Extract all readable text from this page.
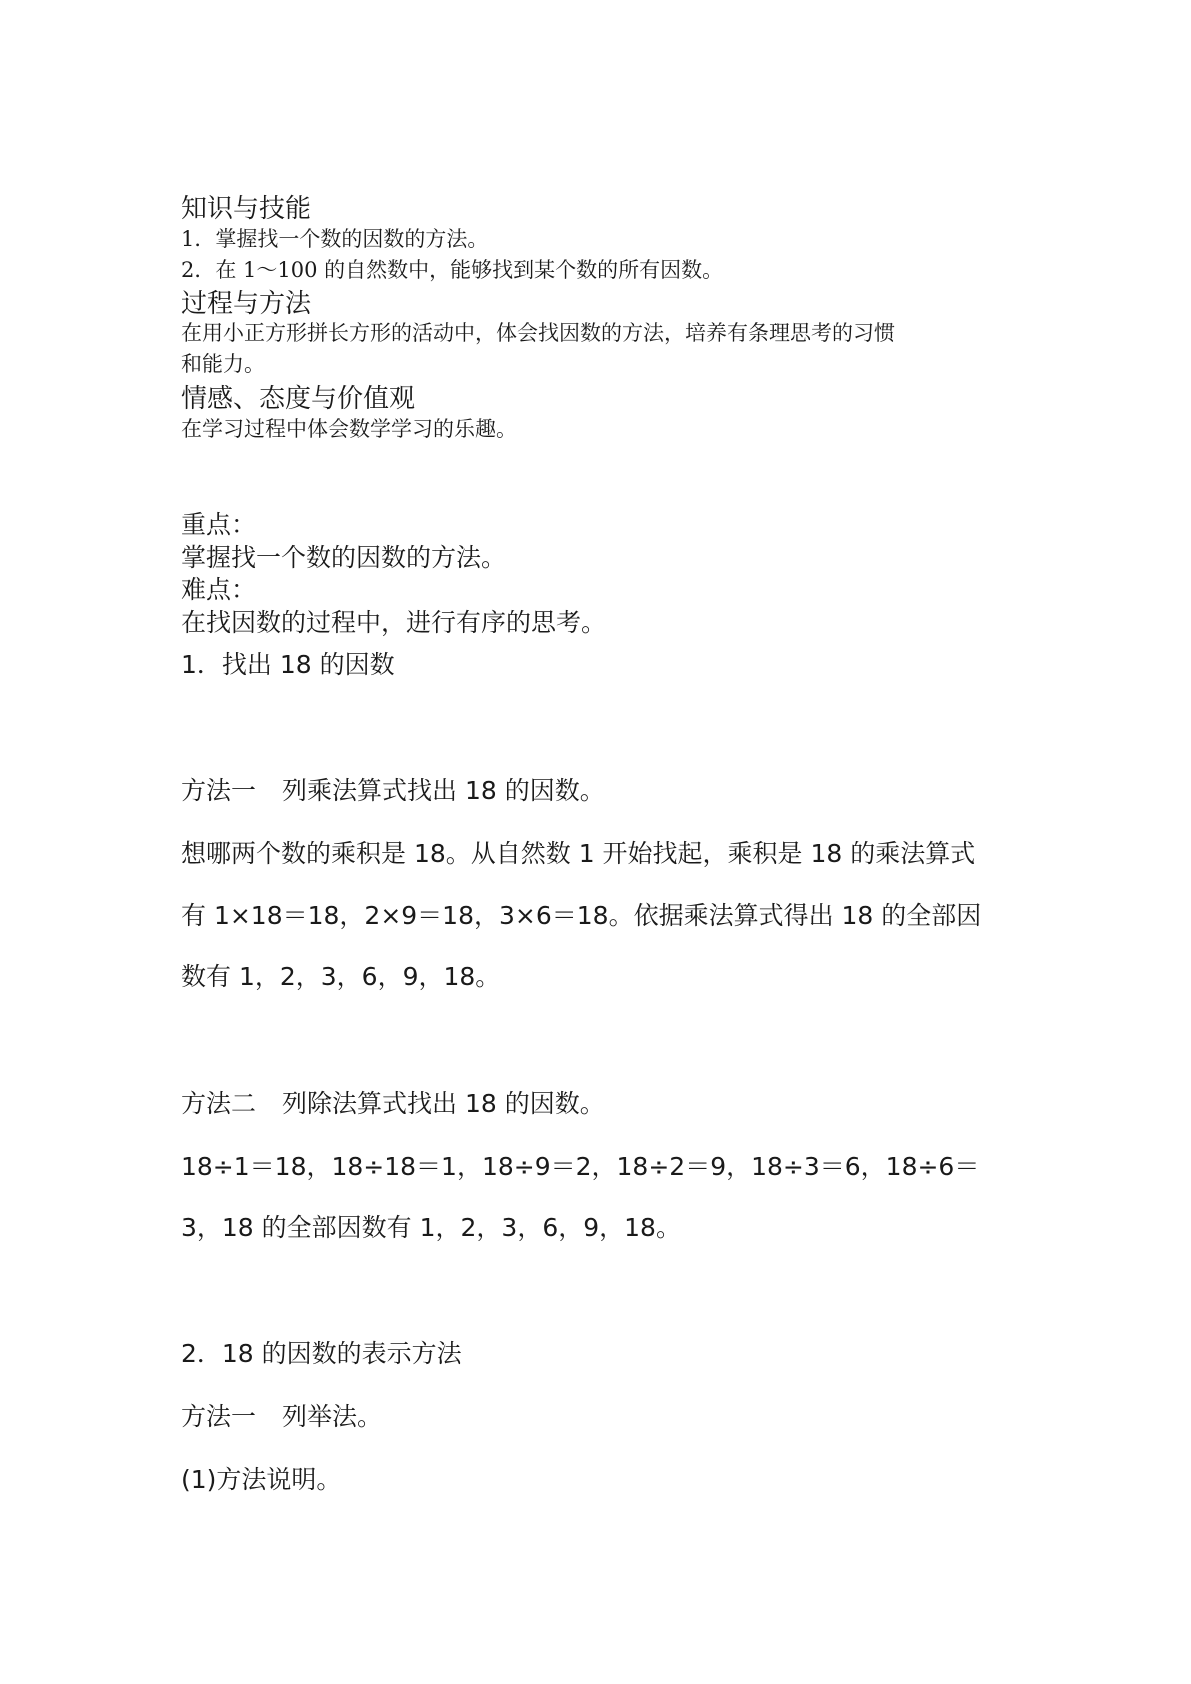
知识与技能
1．掌握找一个数的因数的方法。
2．在 1～100 的自然数中，能够找到某个数的所有因数。
过程与方法
在用小正方形拼长方形的活动中，体会找因数的方法，培养有条理思考的习惯
和能力。
情感、态度与价值观
在学习过程中体会数学学习的乐趣。
重点：
掌握找一个数的因数的方法。
难点：
在找因数的过程中，进行有序的思考。
1．找出 18 的因数
方法一 列乘法算式找出 18 的因数。
想哪两个数的乘积是 18。从自然数 1 开始找起，乘积是 18 的乘法算式
有 1×18＝18，2×9＝18，3×6＝18。依据乘法算式得出 18 的全部因
数有 1，2，3，6，9，18。
方法二 列除法算式找出 18 的因数。
18÷1＝18，18÷18＝1，18÷9＝2，18÷2＝9，18÷3＝6，18÷6＝
3，18 的全部因数有 1，2，3，6，9，18。
2．18 的因数的表示方法
方法一 列举法。
(1)方法说明。
